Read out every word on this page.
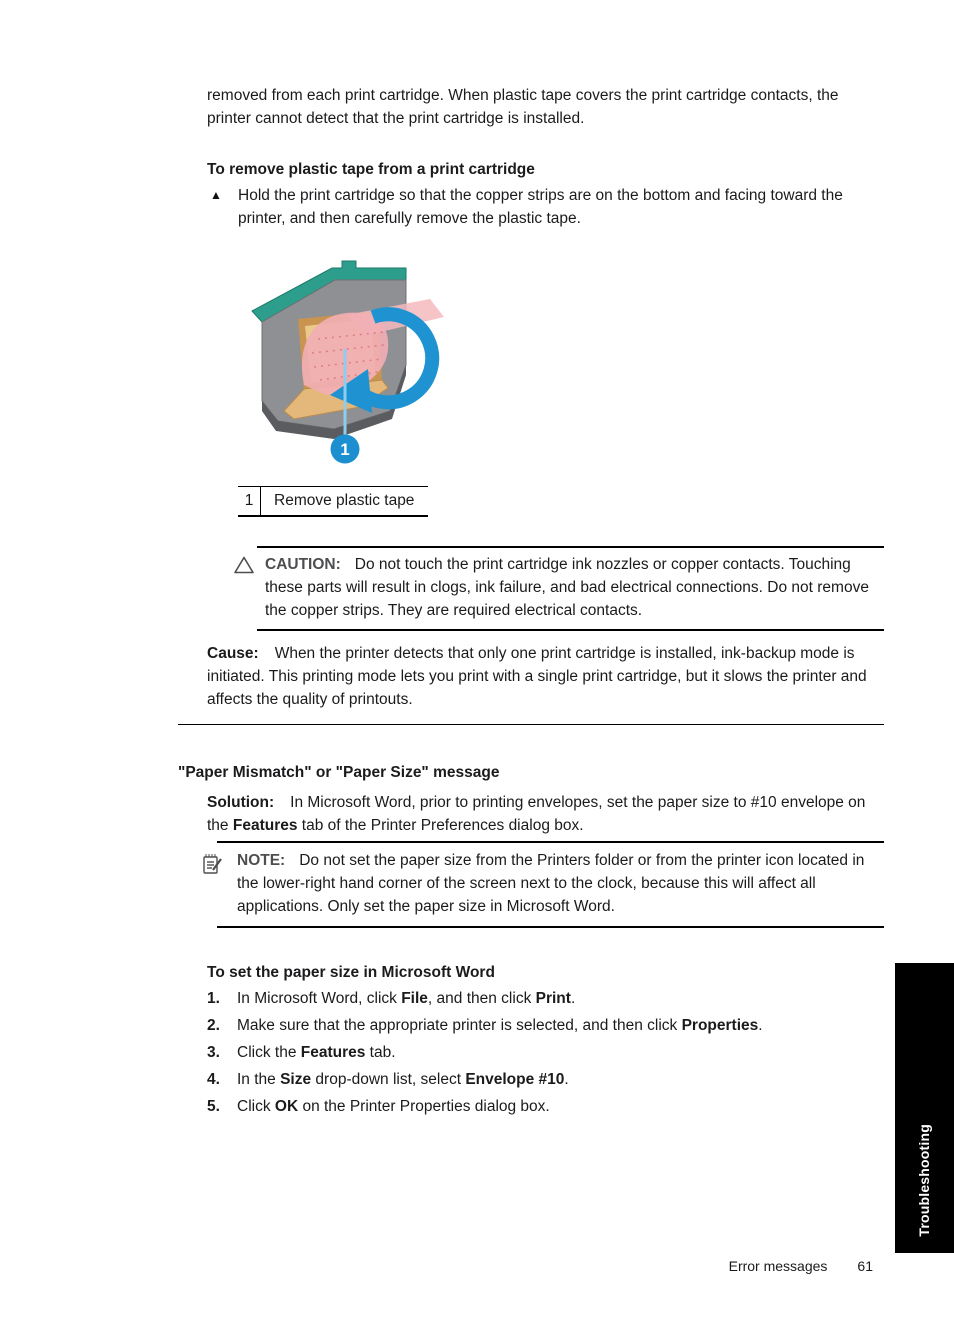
removed from each print cartridge. When plastic tape covers the print cartridge contacts, the printer cannot detect that the print cartridge is installed.

To remove plastic tape from a print cartridge

▲	Hold the print cartridge so that the copper strips are on the bottom and facing toward the printer, and then carefully remove the plastic tape.
1
1	Remove plastic tape
CAUTION: Do not touch the print cartridge ink nozzles or copper contacts. Touching these parts will result in clogs, ink failure, and bad electrical connections. Do not remove the copper strips. They are required electrical contacts.

Cause: When the printer detects that only one print cartridge is installed, ink-backup mode is initiated. This printing mode lets you print with a single print cartridge, but it slows the printer and affects the quality of printouts.

"Paper Mismatch" or "Paper Size" message

Solution: In Microsoft Word, prior to printing envelopes, set the paper size to #10 envelope on the Features tab of the Printer Preferences dialog box.

NOTE: Do not set the paper size from the Printers folder or from the printer icon located in the lower-right hand corner of the screen next to the clock, because this will affect all applications. Only set the paper size in Microsoft Word.

To set the paper size in Microsoft Word

1.	In Microsoft Word, click File, and then click Print.
2.	Make sure that the appropriate printer is selected, and then click Properties.
3.	Click the Features tab.
4.	In the Size drop-down list, select Envelope #10.
5.	Click OK on the Printer Properties dialog box.
Troubleshooting
Error messages 61
